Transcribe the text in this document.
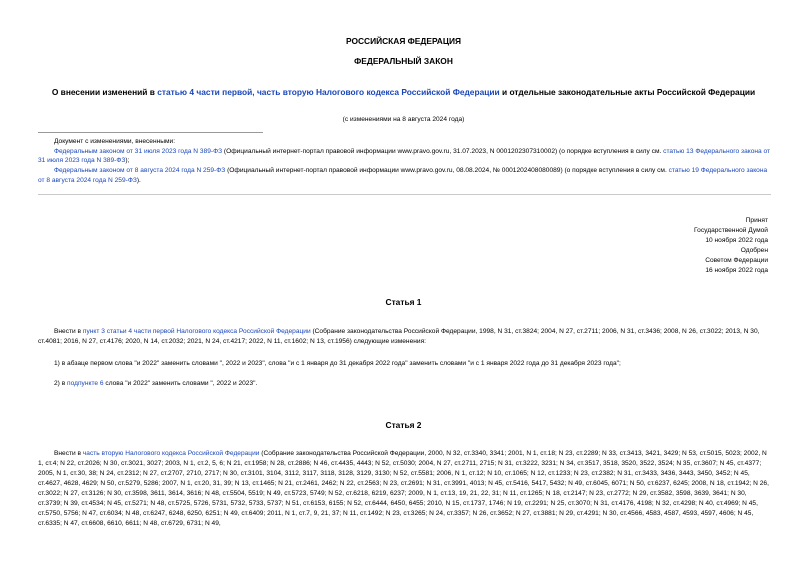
РОССИЙСКАЯ ФЕДЕРАЦИЯ
ФЕДЕРАЛЬНЫЙ ЗАКОН
О внесении изменений в статью 4 части первой, часть вторую Налогового кодекса Российской Федерации и отдельные законодательные акты Российской Федерации
(с изменениями на 8 августа 2024 года)

Документ с изменениями, внесенными:

Федеральным законом от 31 июля 2023 года N 389-ФЗ (Официальный интернет-портал правовой информации www.pravo.gov.ru, 31.07.2023, N 0001202307310002) (о порядке вступления в силу см. статью 13 Федерального закона от 31 июля 2023 года N 389-ФЗ);

Федеральным законом от 8 августа 2024 года N 259-ФЗ (Официальный интернет-портал правовой информации www.pravo.gov.ru, 08.08.2024, № 0001202408080089) (о порядке вступления в силу см. статью 19 Федерального закона от 8 августа 2024 года N 259-ФЗ).

Принят
Государственной Думой
10 ноября 2022 года
Одобрен
Советом Федерации
16 ноября 2022 года
Статья 1

Внести в пункт 3 статьи 4 части первой Налогового кодекса Российской Федерации (Собрание законодательства Российской Федерации, 1998, N 31, ст.3824; 2004, N 27, ст.2711; 2006, N 31, ст.3436; 2008, N 26, ст.3022; 2013, N 30, ст.4081; 2016, N 27, ст.4176; 2020, N 14, ст.2032; 2021, N 24, ст.4217; 2022, N 11, ст.1602; N 13, ст.1956) следующие изменения:

1) в абзаце первом слова "и 2022" заменить словами ", 2022 и 2023", слова "и с 1 января до 31 декабря 2022 года" заменить словами "и с 1 января 2022 года до 31 декабря 2023 года";

2) в подпункте 6 слова "и 2022" заменить словами ", 2022 и 2023".

Статья 2

Внести в часть вторую Налогового кодекса Российской Федерации (Собрание законодательства Российской Федерации, 2000, N 32, ст.3340, 3341; 2001, N 1, ст.18; N 23, ст.2289; N 33, ст.3413, 3421, 3429; N 53, ст.5015, 5023; 2002, N 1, ст.4; N 22, ст.2026; N 30, ст.3021, 3027; 2003, N 1, ст.2, 5, 6; N 21, ст.1958; N 28, ст.2886; N 46, ст.4435, 4443; N 52, ст.5030; 2004, N 27, ст.2711, 2715; N 31, ст.3222, 3231; N 34, ст.3517, 3518, 3520, 3522, 3524; N 35, ст.3607; N 45, ст.4377; 2005, N 1, ст.30, 38; N 24, ст.2312; N 27, ст.2707, 2710, 2717; N 30, ст.3101, 3104, 3112, 3117, 3118, 3128, 3129, 3130; N 52, ст.5581; 2006, N 1, ст.12; N 10, ст.1065; N 12, ст.1233; N 23, ст.2382; N 31, ст.3433, 3436, 3443, 3450, 3452; N 45, ст.4627, 4628, 4629; N 50, ст.5279, 5286; 2007, N 1, ст.20, 31, 39; N 13, ст.1465; N 21, ст.2461, 2462; N 22, ст.2563; N 23, ст.2691; N 31, ст.3991, 4013; N 45, ст.5416, 5417, 5432; N 49, ст.6045, 6071; N 50, ст.6237, 6245; 2008, N 18, ст.1942; N 26, ст.3022; N 27, ст.3126; N 30, ст.3598, 3611, 3614, 3616; N 48, ст.5504, 5519; N 49, ст.5723, 5749; N 52, ст.6218, 6219, 6237; 2009, N 1, ст.13, 19, 21, 22, 31; N 11, ст.1265; N 18, ст.2147; N 23, ст.2772; N 29, ст.3582, 3598, 3639, 3641; N 30, ст.3739; N 39, ст.4534; N 45, ст.5271; N 48, ст.5725, 5726, 5731, 5732, 5733, 5737; N 51, ст.6153, 6155; N 52, ст.6444, 6450, 6455; 2010, N 15, ст.1737, 1746; N 19, ст.2291; N 25, ст.3070; N 31, ст.4176, 4198; N 32, ст.4298; N 40, ст.4969; N 45, ст.5750, 5756; N 47, ст.6034; N 48, ст.6247, 6248, 6250, 6251; N 49, ст.6409; 2011, N 1, ст.7, 9, 21, 37; N 11, ст.1492; N 23, ст.3265; N 24, ст.3357; N 26, ст.3652; N 27, ст.3881; N 29, ст.4291; N 30, ст.4566, 4583, 4587, 4593, 4597, 4606; N 45, ст.6335; N 47, ст.6608, 6610, 6611; N 48, ст.6729, 6731; N 49,
